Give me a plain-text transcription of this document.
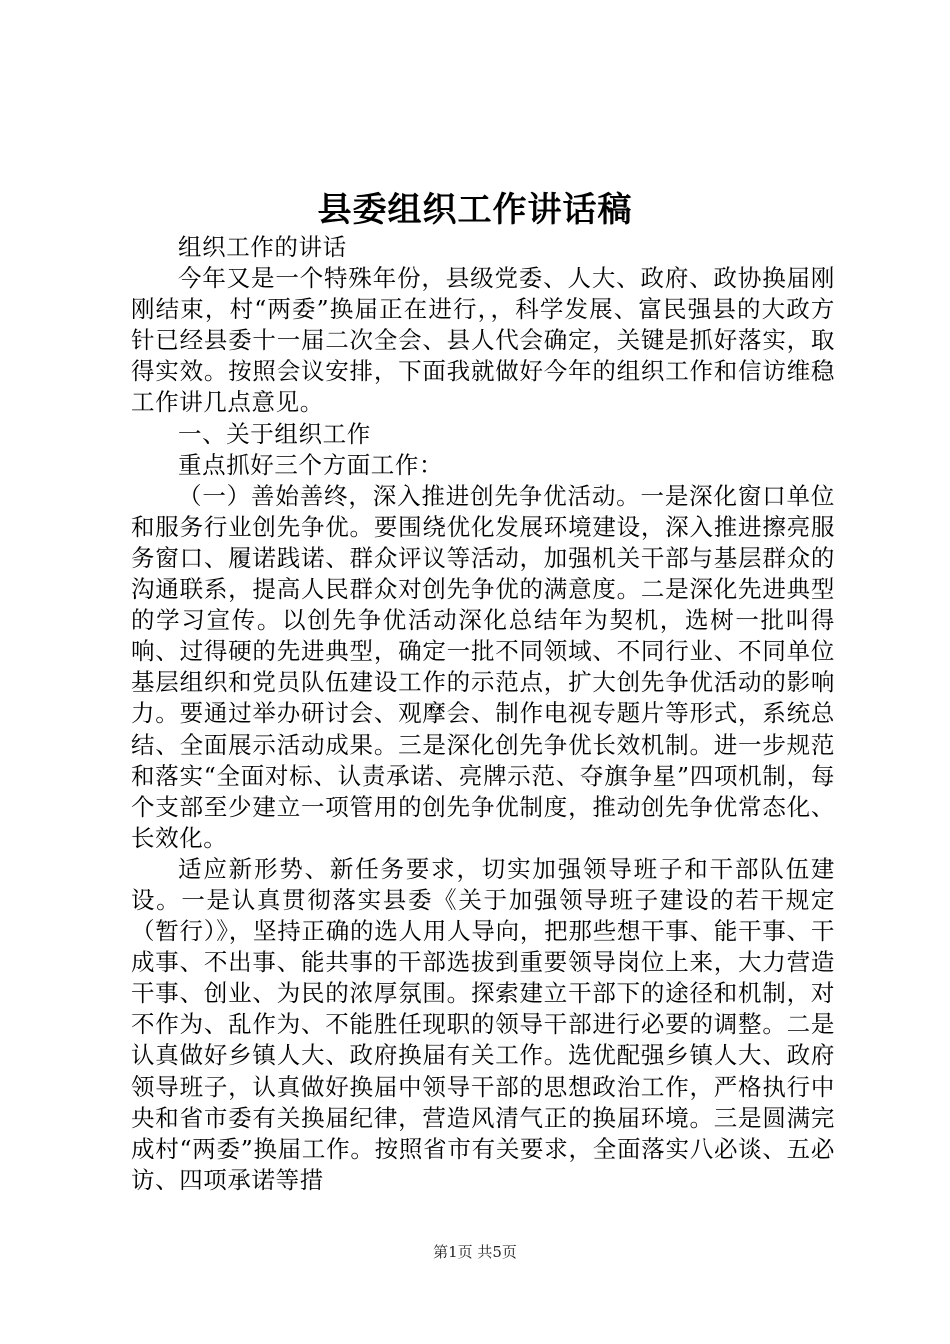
县委组织工作讲话稿

组织工作的讲话

今年又是一个特殊年份，县级党委、人大、政府、政协换届刚刚结束，村“两委”换届正在进行，，科学发展、富民强县的大政方针已经县委十一届二次全会、县人代会确定，关键是抓好落实，取得实效。按照会议安排，下面我就做好今年的组织工作和信访维稳工作讲几点意见。

一、关于组织工作

重点抓好三个方面工作：

（一）善始善终，深入推进创先争优活动。一是深化窗口单位和服务行业创先争优。要围绕优化发展环境建设，深入推进擦亮服务窗口、履诺践诺、群众评议等活动，加强机关干部与基层群众的沟通联系，提高人民群众对创先争优的满意度。二是深化先进典型的学习宣传。以创先争优活动深化总结年为契机，选树一批叫得响、过得硬的先进典型，确定一批不同领域、不同行业、不同单位基层组织和党员队伍建设工作的示范点，扩大创先争优活动的影响力。要通过举办研讨会、观摩会、制作电视专题片等形式，系统总结、全面展示活动成果。三是深化创先争优长效机制。进一步规范和落实“全面对标、认责承诺、亮牌示范、夺旗争星”四项机制，每个支部至少建立一项管用的创先争优制度，推动创先争优常态化、长效化。

适应新形势、新任务要求，切实加强领导班子和干部队伍建设。一是认真贯彻落实县委《关于加强领导班子建设的若干规定（暂行）》，坚持正确的选人用人导向，把那些想干事、能干事、干成事、不出事、能共事的干部选拔到重要领导岗位上来，大力营造干事、创业、为民的浓厚氛围。探索建立干部下的途径和机制，对不作为、乱作为、不能胜任现职的领导干部进行必要的调整。二是认真做好乡镇人大、政府换届有关工作。选优配强乡镇人大、政府领导班子，认真做好换届中领导干部的思想政治工作，严格执行中央和省市委有关换届纪律，营造风清气正的换届环境。三是圆满完成村“两委”换届工作。按照省市有关要求，全面落实八必谈、五必访、四项承诺等措

第1页 共5页
